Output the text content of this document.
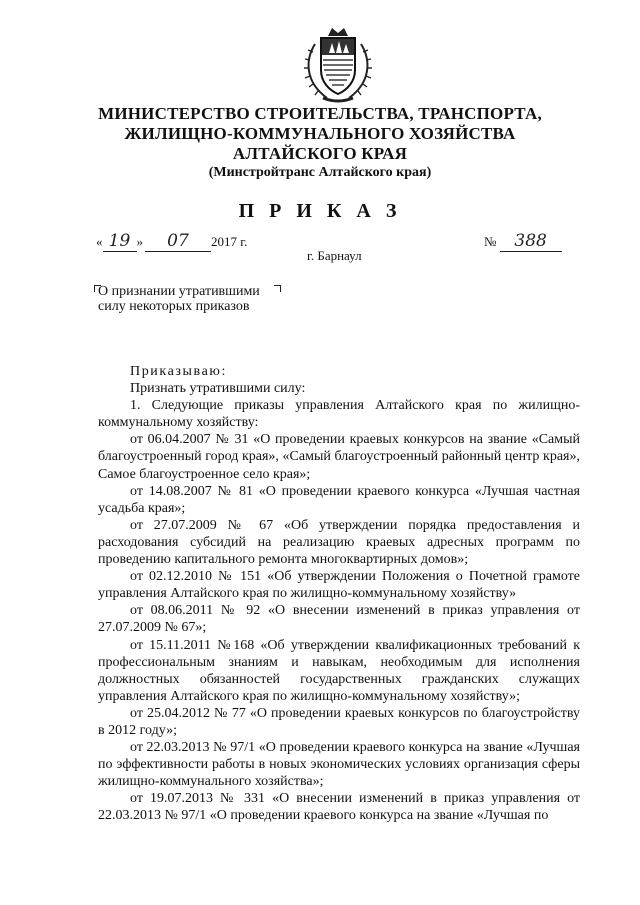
МИНИСТЕРСТВО СТРОИТЕЛЬСТВА, ТРАНСПОРТА,
ЖИЛИЩНО-КОММУНАЛЬНОГО ХОЗЯЙСТВА
АЛТАЙСКОГО КРАЯ
(Минстройтранс Алтайского края)
П Р И К А З
« 19 » 07 2017 г.	№ 388
г. Барнаул
О признании утратившими
силу некоторых приказов

Приказываю:

Признать утратившими силу:

1. Следующие приказы управления Алтайского края по жилищно-коммунальному хозяйству:

от 06.04.2007 № 31 «О проведении краевых конкурсов на звание «Самый благоустроенный город края», «Самый благоустроенный районный центр края», Самое благоустроенное село края»;

от 14.08.2007 № 81 «О проведении краевого конкурса «Лучшая частная усадьба края»;

от 27.07.2009 № 67 «Об утверждении порядка предоставления и расходования субсидий на реализацию краевых адресных программ по проведению капитального ремонта многоквартирных домов»;

от 02.12.2010 № 151 «Об утверждении Положения о Почетной грамоте управления Алтайского края по жилищно-коммунальному хозяйству»

от 08.06.2011 № 92 «О внесении изменений в приказ управления от 27.07.2009 № 67»;

от 15.11.2011 №168 «Об утверждении квалификационных требований к профессиональным знаниям и навыкам, необходимым для исполнения должностных обязанностей государственных гражданских служащих управления Алтайского края по жилищно-коммунальному хозяйству»;

от 25.04.2012 № 77 «О проведении краевых конкурсов по благоустройству в 2012 году»;

от 22.03.2013 № 97/1 «О проведении краевого конкурса на звание «Лучшая по эффективности работы в новых экономических условиях организация сферы жилищно-коммунального хозяйства»;

от 19.07.2013 № 331 «О внесении изменений в приказ управления от 22.03.2013 № 97/1 «О проведении краевого конкурса на звание «Лучшая по
